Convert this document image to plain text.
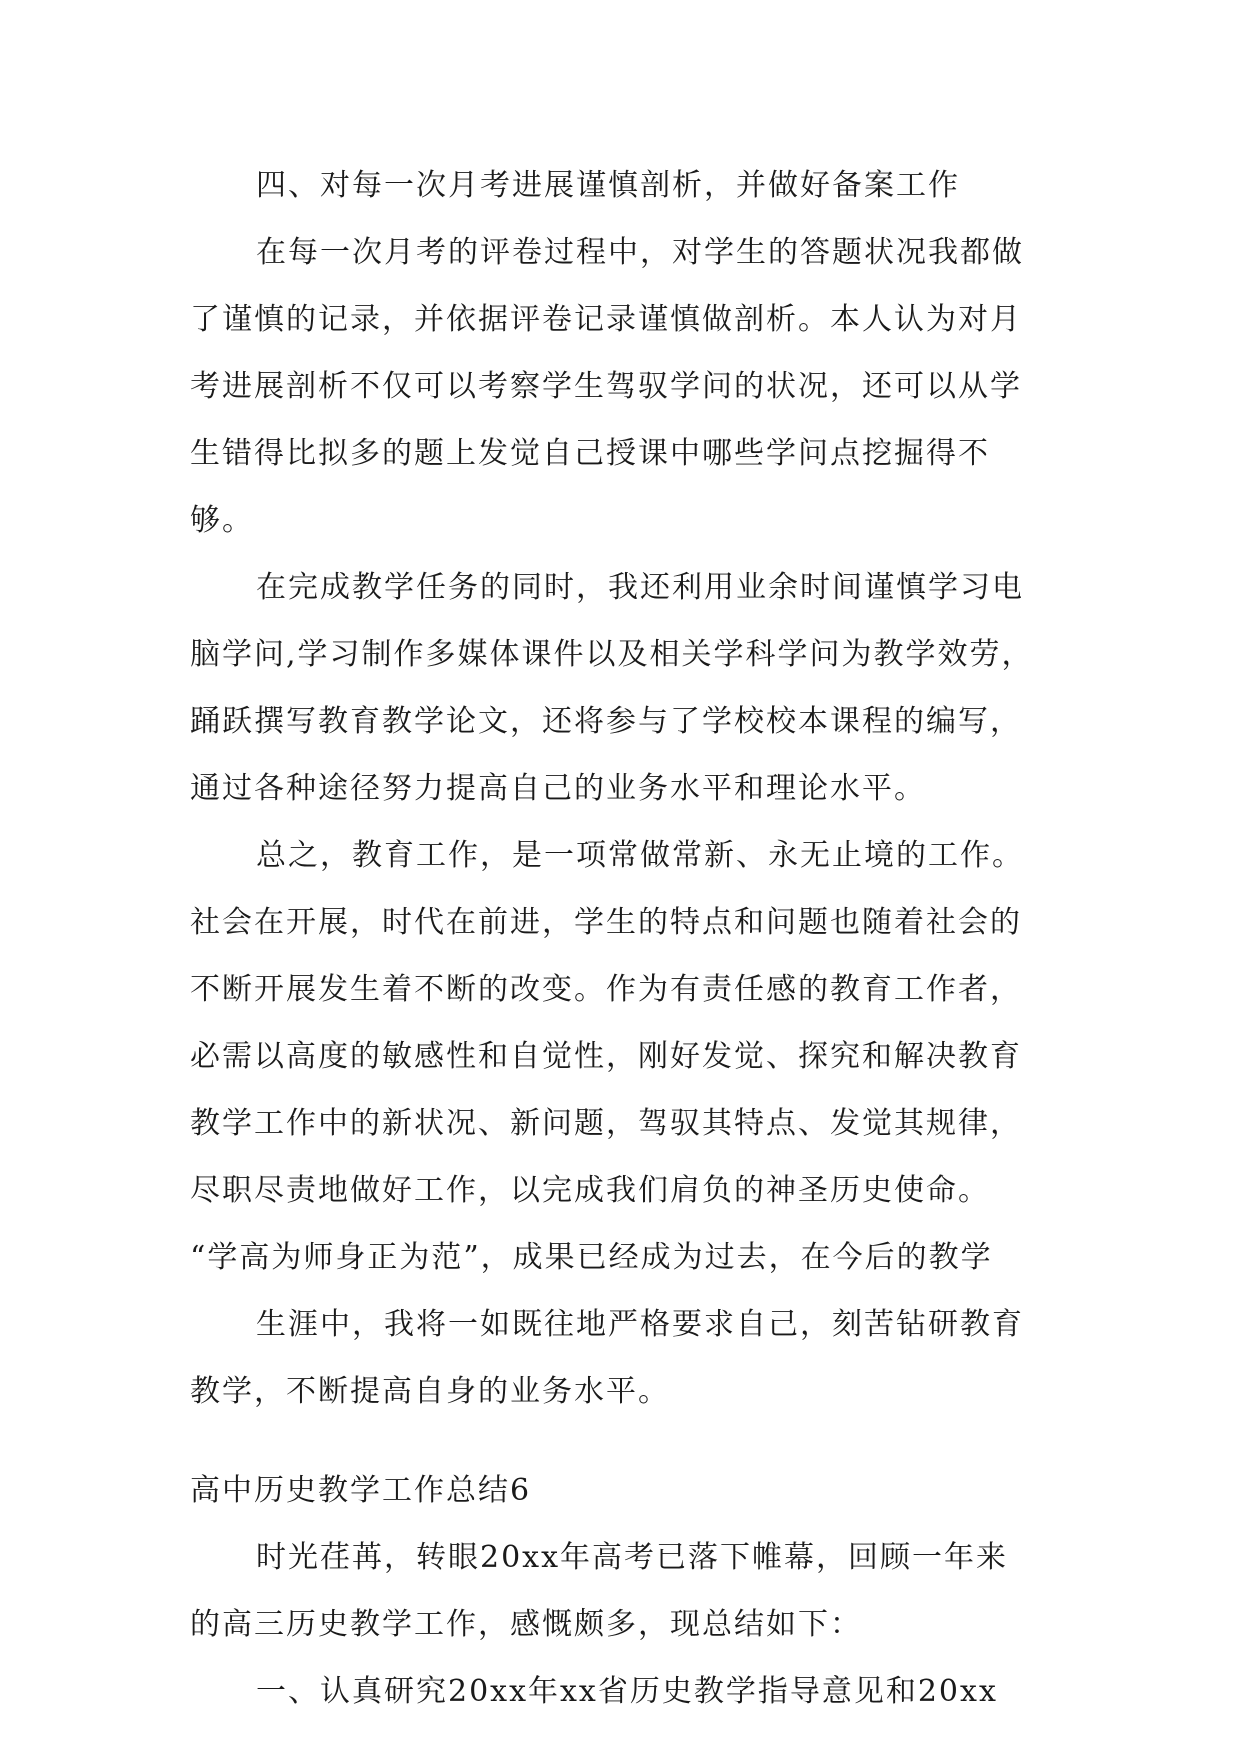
四、对每一次月考进展谨慎剖析，并做好备案工作
在每一次月考的评卷过程中，对学生的答题状况我都做
了谨慎的记录，并依据评卷记录谨慎做剖析。本人认为对月
考进展剖析不仅可以考察学生驾驭学问的状况，还可以从学
生错得比拟多的题上发觉自己授课中哪些学问点挖掘得不
够。
在完成教学任务的同时，我还利用业余时间谨慎学习电
脑学问,学习制作多媒体课件以及相关学科学问为教学效劳，
踊跃撰写教育教学论文，还将参与了学校校本课程的编写，
通过各种途径努力提高自己的业务水平和理论水平。
总之，教育工作，是一项常做常新、永无止境的工作。
社会在开展，时代在前进，学生的特点和问题也随着社会的
不断开展发生着不断的改变。作为有责任感的教育工作者，
必需以高度的敏感性和自觉性，刚好发觉、探究和解决教育
教学工作中的新状况、新问题，驾驭其特点、发觉其规律，
尽职尽责地做好工作，以完成我们肩负的神圣历史使命。
“学高为师身正为范”，成果已经成为过去，在今后的教学
生涯中，我将一如既往地严格要求自己，刻苦钻研教育
教学，不断提高自身的业务水平。
高中历史教学工作总结6
时光荏苒，转眼20xx年高考已落下帷幕，回顾一年来
的高三历史教学工作，感慨颇多，现总结如下：
一、认真研究20xx年xx省历史教学指导意见和20xx
